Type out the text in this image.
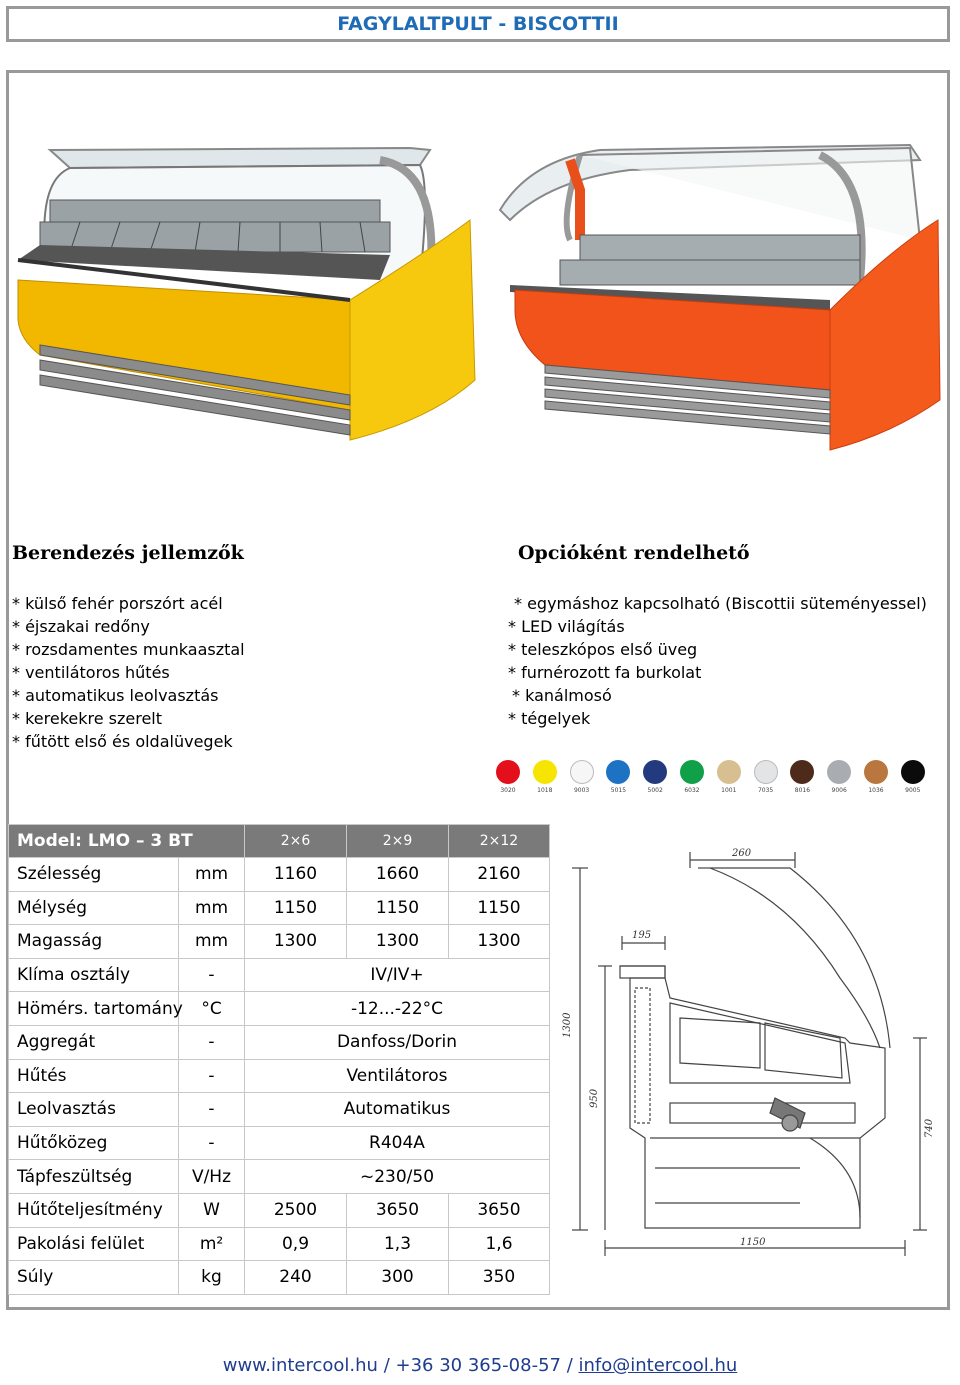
FAGYLALTPULT - BISCOTTII
Berendezés jellemzők	Opcióként rendelhető
* külső fehér porszórt acél
* éjszakai redőny
* rozsdamentes munkaasztal
* ventilátoros hűtés
* automatikus leolvasztás
* kerekekre szerelt
* fűtött első és oldalüvegek
* egymáshoz kapcsolható (Biscottii süteményessel)
* LED világítás
* teleszkópos első üveg
* furnérozott fa burkolat
* kanálmosó
* tégelyek
3020	1018	9003	5015	5002	6032	1001	7035	8016	9006	1036	9005
Model: LMO – 3 BT		2×6	2×9	2×12
Szélesség	mm	1160	1660	2160
Mélység	mm	1150	1150	1150
Magasság	mm	1300	1300	1300
Klíma osztály	-	IV/IV+		
Hömérs. tartomány	°C	-12...-22°C		
Aggregát	-	Danfoss/Dorin		
Hűtés	-	Ventilátoros		
Leolvasztás	-	Automatikus		
Hűtőközeg	-	R404A		
Tápfeszültség	V/Hz	~230/50		
Hűtőteljesítmény	W	2500	3650	3650
Pakolási felület	m²	0,9	1,3	1,6
Súly	kg	240	300	350
260
195
1300
950
740
1150
www.intercool.hu / +36 30 365-08-57 / info@intercool.hu
